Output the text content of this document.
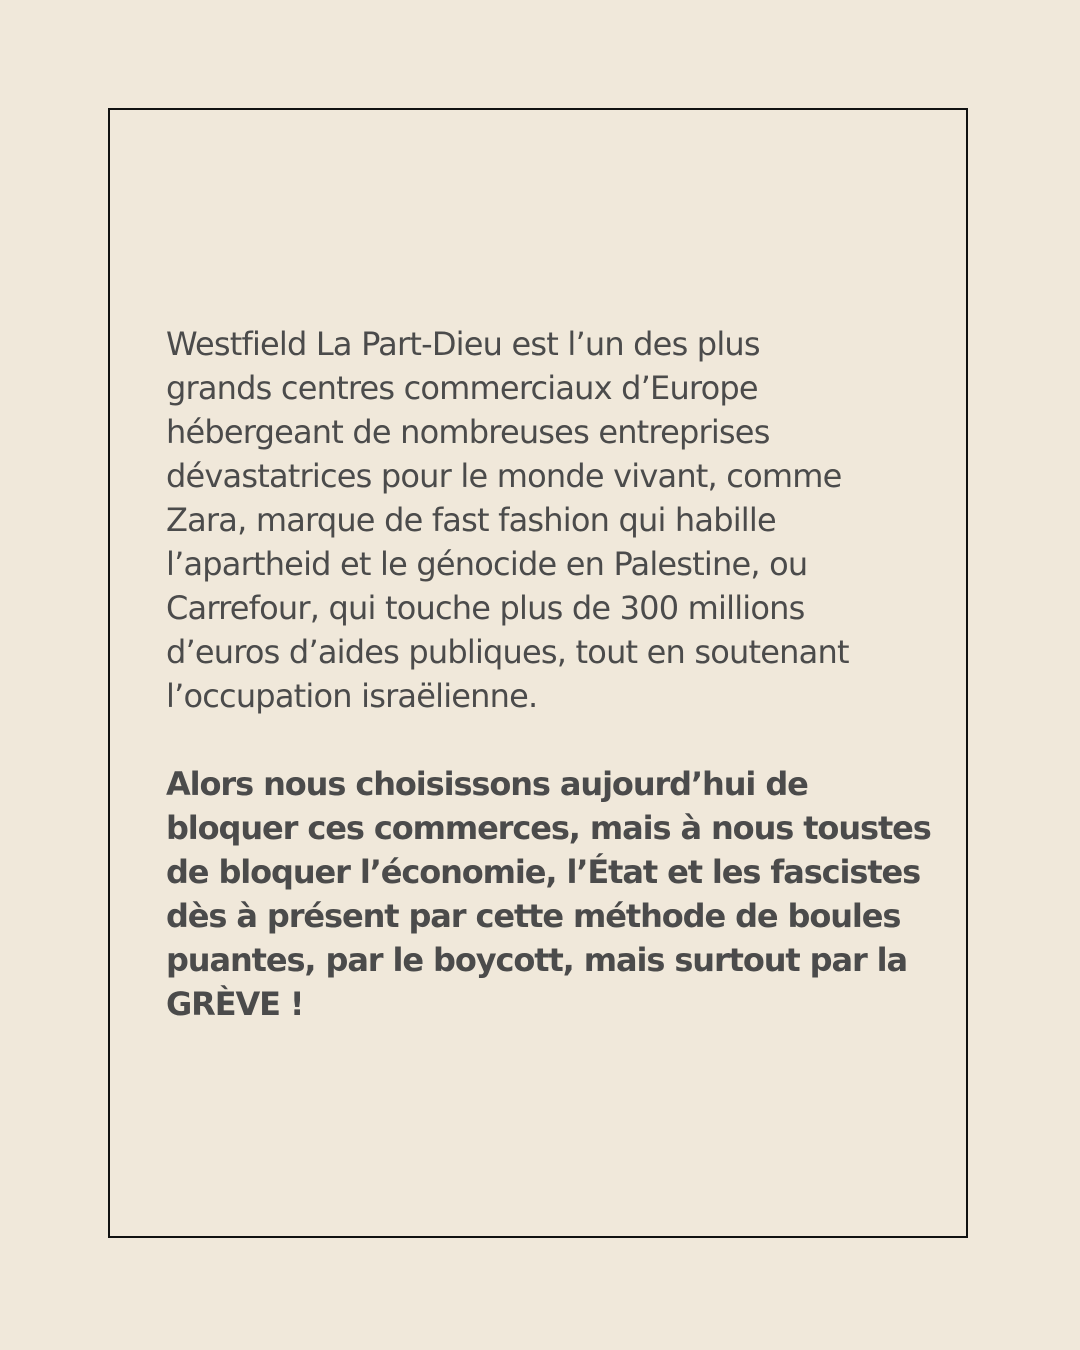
Westfield La Part-Dieu est l’un des plus
grands centres commerciaux d’Europe
hébergeant de nombreuses entreprises
dévastatrices pour le monde vivant, comme
Zara, marque de fast fashion qui habille
l’apartheid et le génocide en Palestine, ou
Carrefour, qui touche plus de 300 millions
d’euros d’aides publiques, tout en soutenant
l’occupation israëlienne.
Alors nous choisissons aujourd’hui de
bloquer ces commerces, mais à nous toustes
de bloquer l’économie, l’État et les fascistes
dès à présent par cette méthode de boules
puantes, par le boycott, mais surtout par la
GRÈVE !
